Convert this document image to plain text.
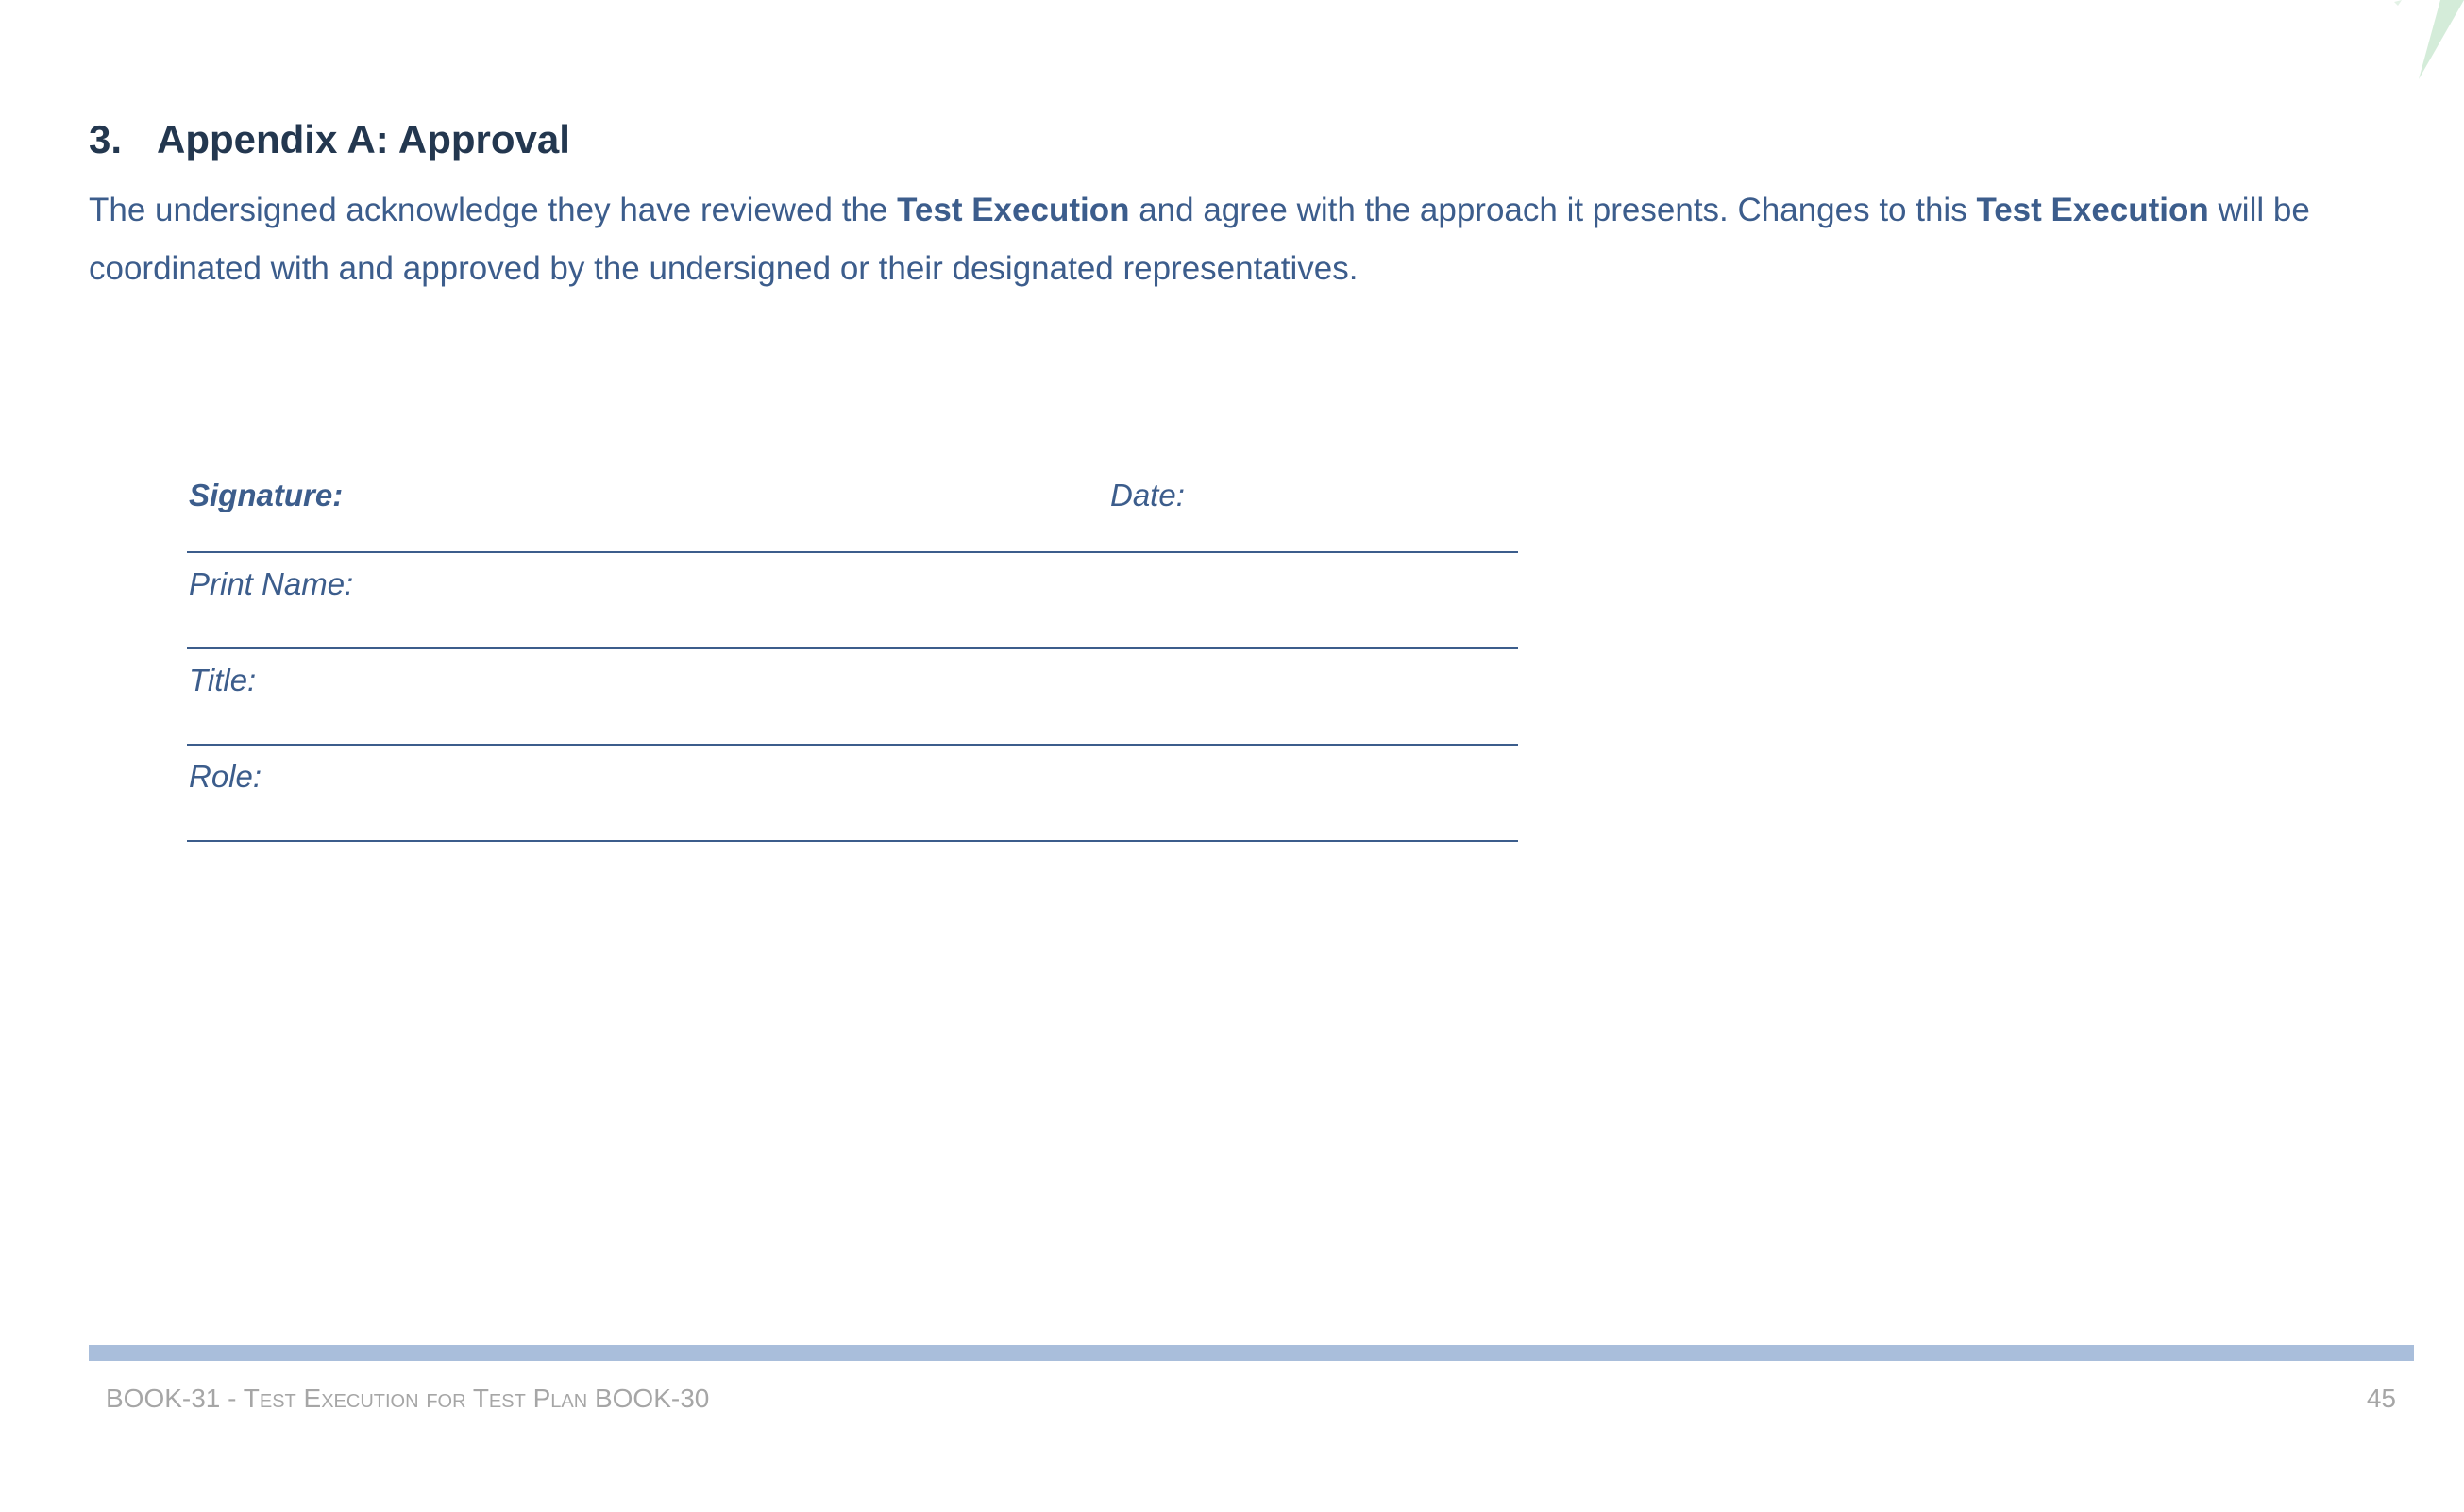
3. Appendix A: Approval
The undersigned acknowledge they have reviewed the Test Execution and agree with the approach it presents. Changes to this Test Execution will be coordinated with and approved by the undersigned or their designated representatives.
Signature:	Date:
Print Name:
Title:
Role:
BOOK-31 - Test Execution for Test Plan BOOK-30	45
